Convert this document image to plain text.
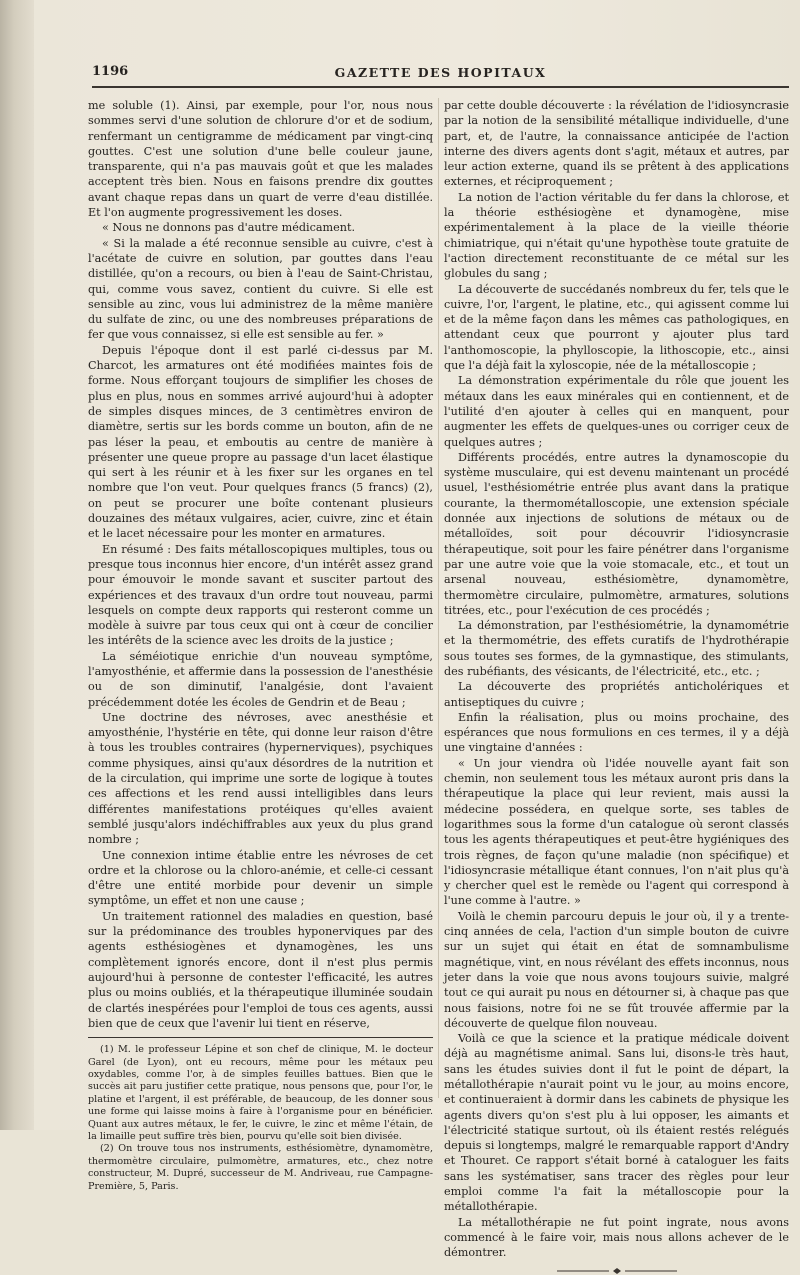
1196	GAZETTE DES HOPITAUX

me soluble (1). Ainsi, par exemple, pour l'or, nous nous sommes servi d'une solution de chlorure d'or et de sodium, renfermant un centigramme de médicament par vingt-cinq gouttes. C'est une solution d'une belle couleur jaune, transparente, qui n'a pas mauvais goût et que les malades acceptent très bien. Nous en faisons prendre dix gouttes avant chaque repas dans un quart de verre d'eau distillée. Et l'on augmente progressivement les doses.

« Nous ne donnons pas d'autre médicament.

« Si la malade a été reconnue sensible au cuivre, c'est à l'acétate de cuivre en solution, par gouttes dans l'eau distillée, qu'on a recours, ou bien à l'eau de Saint-Christau, qui, comme vous savez, contient du cuivre. Si elle est sensible au zinc, vous lui administrez de la même manière du sulfate de zinc, ou une des nombreuses préparations de fer que vous connaissez, si elle est sensible au fer. »

Depuis l'époque dont il est parlé ci-dessus par M. Charcot, les armatures ont été modifiées maintes fois de forme. Nous efforçant toujours de simplifier les choses de plus en plus, nous en sommes arrivé aujourd'hui à adopter de simples disques minces, de 3 centimètres environ de diamètre, sertis sur les bords comme un bouton, afin de ne pas léser la peau, et emboutis au centre de manière à présenter une queue propre au passage d'un lacet élastique qui sert à les réunir et à les fixer sur les organes en tel nombre que l'on veut. Pour quelques francs (5 francs) (2), on peut se procurer une boîte contenant plusieurs douzaines des métaux vulgaires, acier, cuivre, zinc et étain et le lacet nécessaire pour les monter en armatures.

En résumé : Des faits métalloscopiques multiples, tous ou presque tous inconnus hier encore, d'un intérêt assez grand pour émouvoir le monde savant et susciter partout des expériences et des travaux d'un ordre tout nouveau, parmi lesquels on compte deux rapports qui resteront comme un modèle à suivre par tous ceux qui ont à cœur de concilier les intérêts de la science avec les droits de la justice ;

La séméiotique enrichie d'un nouveau symptôme, l'amyosthénie, et affermie dans la possession de l'anesthésie ou de son diminutif, l'analgésie, dont l'avaient précédemment dotée les écoles de Gendrin et de Beau ;

Une doctrine des névroses, avec anesthésie et amyosthénie, l'hystérie en tête, qui donne leur raison d'être à tous les troubles contraires (hypernerviques), psychiques comme physiques, ainsi qu'aux désordres de la nutrition et de la circulation, qui imprime une sorte de logique à toutes ces affections et les rend aussi intelligibles dans leurs différentes manifestations protéiques qu'elles avaient semblé jusqu'alors indéchiffrables aux yeux du plus grand nombre ;

Une connexion intime établie entre les névroses de cet ordre et la chlorose ou la chloro-anémie, et celle-ci cessant d'être une entité morbide pour devenir un simple symptôme, un effet et non une cause ;

Un traitement rationnel des maladies en question, basé sur la prédominance des troubles hyponerviques par des agents esthésiogènes et dynamogènes, les uns complètement ignorés encore, dont il n'est plus permis aujourd'hui à personne de contester l'efficacité, les autres plus ou moins oubliés, et la thérapeutique illuminée soudain de clartés inespérées pour l'emploi de tous ces agents, aussi bien que de ceux que l'avenir lui tient en réserve,

(1) M. le professeur Lépine et son chef de clinique, M. le docteur Garel (de Lyon), ont eu recours, même pour les métaux peu oxydables, comme l'or, à de simples feuilles battues. Bien que le succès ait paru justifier cette pratique, nous pensons que, pour l'or, le platine et l'argent, il est préférable, de beaucoup, de les donner sous une forme qui laisse moins à faire à l'organisme pour en bénéficier. Quant aux autres métaux, le fer, le cuivre, le zinc et même l'étain, de la limaille peut suffire très bien, pourvu qu'elle soit bien divisée.

(2) On trouve tous nos instruments, esthésiomètre, dynamomètre, thermomètre circulaire, pulmomètre, armatures, etc., chez notre constructeur, M. Dupré, successeur de M. Andriveau, rue Campagne-Première, 5, Paris.

par cette double découverte : la révélation de l'idiosyncrasie par la notion de la sensibilité métallique individuelle, d'une part, et, de l'autre, la connaissance anticipée de l'action interne des divers agents dont s'agit, métaux et autres, par leur action externe, quand ils se prêtent à des applications externes, et réciproquement ;

La notion de l'action véritable du fer dans la chlorose, et la théorie esthésiogène et dynamogène, mise expérimentalement à la place de la vieille théorie chimiatrique, qui n'était qu'une hypothèse toute gratuite de l'action directement reconstituante de ce métal sur les globules du sang ;

La découverte de succédanés nombreux du fer, tels que le cuivre, l'or, l'argent, le platine, etc., qui agissent comme lui et de la même façon dans les mêmes cas pathologiques, en attendant ceux que pourront y ajouter plus tard l'anthomoscopie, la phylloscopie, la lithoscopie, etc., ainsi que l'a déjà fait la xyloscopie, née de la métalloscopie ;

La démonstration expérimentale du rôle que jouent les métaux dans les eaux minérales qui en contiennent, et de l'utilité d'en ajouter à celles qui en manquent, pour augmenter les effets de quelques-unes ou corriger ceux de quelques autres ;

Différents procédés, entre autres la dynamoscopie du système musculaire, qui est devenu maintenant un procédé usuel, l'esthésiométrie entrée plus avant dans la pratique courante, la thermométalloscopie, une extension spéciale donnée aux injections de solutions de métaux ou de métalloïdes, soit pour découvrir l'idiosyncrasie thérapeutique, soit pour les faire pénétrer dans l'organisme par une autre voie que la voie stomacale, etc., et tout un arsenal nouveau, esthésiomètre, dynamomètre, thermomètre circulaire, pulmomètre, armatures, solutions titrées, etc., pour l'exécution de ces procédés ;

La démonstration, par l'esthésiométrie, la dynamométrie et la thermométrie, des effets curatifs de l'hydrothérapie sous toutes ses formes, de la gymnastique, des stimulants, des rubéfiants, des vésicants, de l'électricité, etc., etc. ;

La découverte des propriétés anticholériques et antiseptiques du cuivre ;

Enfin la réalisation, plus ou moins prochaine, des espérances que nous formulions en ces termes, il y a déjà une vingtaine d'années :

« Un jour viendra où l'idée nouvelle ayant fait son chemin, non seulement tous les métaux auront pris dans la thérapeutique la place qui leur revient, mais aussi la médecine possédera, en quelque sorte, ses tables de logarithmes sous la forme d'un catalogue où seront classés tous les agents thérapeutiques et peut-être hygiéniques des trois règnes, de façon qu'une maladie (non spécifique) et l'idiosyncrasie métallique étant connues, l'on n'ait plus qu'à y chercher quel est le remède ou l'agent qui correspond à l'une comme à l'autre. »

Voilà le chemin parcouru depuis le jour où, il y a trente-cinq années de cela, l'action d'un simple bouton de cuivre sur un sujet qui était en état de somnambulisme magnétique, vint, en nous révélant des effets inconnus, nous jeter dans la voie que nous avons toujours suivie, malgré tout ce qui aurait pu nous en détourner si, à chaque pas que nous faisions, notre foi ne se fût trouvée affermie par la découverte de quelque filon nouveau.

Voilà ce que la science et la pratique médicale doivent déjà au magnétisme animal. Sans lui, disons-le très haut, sans les études suivies dont il fut le point de départ, la métallothérapie n'aurait point vu le jour, au moins encore, et continueraient à dormir dans les cabinets de physique les agents divers qu'on s'est plu à lui opposer, les aimants et l'électricité statique surtout, où ils étaient restés relégués depuis si longtemps, malgré le remarquable rapport d'Andry et Thouret. Ce rapport s'était borné à cataloguer les faits sans les systématiser, sans tracer des règles pour leur emploi comme l'a fait la métalloscopie pour la métallothérapie.

La métallothérapie ne fut point ingrate, nous avons commencé à le faire voir, mais nous allons achever de le démontrer.
